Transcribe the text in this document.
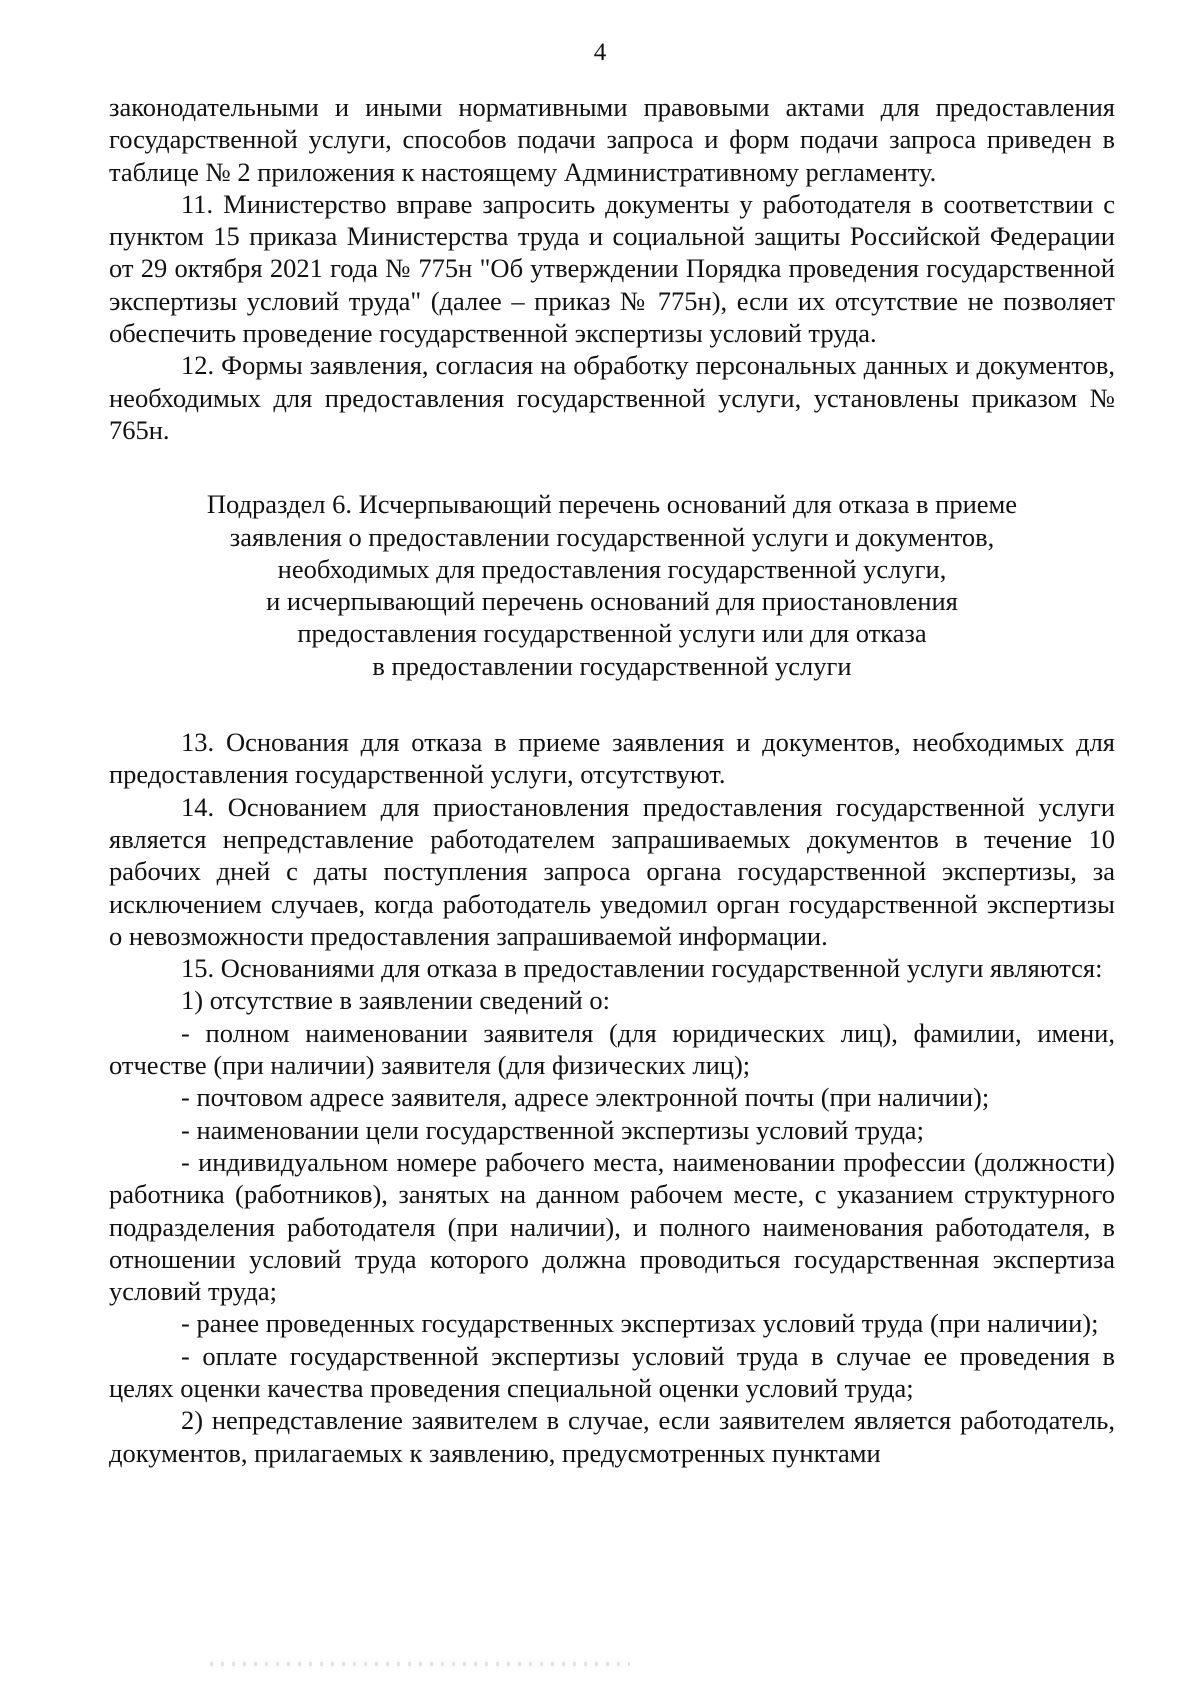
4

законодательными и иными нормативными правовыми актами для предоставления государственной услуги, способов подачи запроса и форм подачи запроса приведен в таблице № 2 приложения к настоящему Административному регламенту.

11. Министерство вправе запросить документы у работодателя в соответствии с пунктом 15 приказа Министерства труда и социальной защиты Российской Федерации от 29 октября 2021 года № 775н "Об утверждении Порядка проведения государственной экспертизы условий труда" (далее – приказ № 775н), если их отсутствие не позволяет обеспечить проведение государственной экспертизы условий труда.

12. Формы заявления, согласия на обработку персональных данных и документов, необходимых для предоставления государственной услуги, установлены приказом № 765н.

Подраздел 6. Исчерпывающий перечень оснований для отказа в приеме
заявления о предоставлении государственной услуги и документов,
необходимых для предоставления государственной услуги,
и исчерпывающий перечень оснований для приостановления
предоставления государственной услуги или для отказа
в предоставлении государственной услуги

13. Основания для отказа в приеме заявления и документов, необходимых для предоставления государственной услуги, отсутствуют.

14. Основанием для приостановления предоставления государственной услуги является непредставление работодателем запрашиваемых документов в течение 10 рабочих дней с даты поступления запроса органа государственной экспертизы, за исключением случаев, когда работодатель уведомил орган государственной экспертизы о невозможности предоставления запрашиваемой информации.

15. Основаниями для отказа в предоставлении государственной услуги являются:

1) отсутствие в заявлении сведений о:

- полном наименовании заявителя (для юридических лиц), фамилии, имени, отчестве (при наличии) заявителя (для физических лиц);

- почтовом адресе заявителя, адресе электронной почты (при наличии);

- наименовании цели государственной экспертизы условий труда;

- индивидуальном номере рабочего места, наименовании профессии (должности) работника (работников), занятых на данном рабочем месте, с указанием структурного подразделения работодателя (при наличии), и полного наименования работодателя, в отношении условий труда которого должна проводиться государственная экспертиза условий труда;

- ранее проведенных государственных экспертизах условий труда (при наличии);

- оплате государственной экспертизы условий труда в случае ее проведения в целях оценки качества проведения специальной оценки условий труда;

2) непредставление заявителем в случае, если заявителем является работодатель, документов, прилагаемых к заявлению, предусмотренных пунктами
